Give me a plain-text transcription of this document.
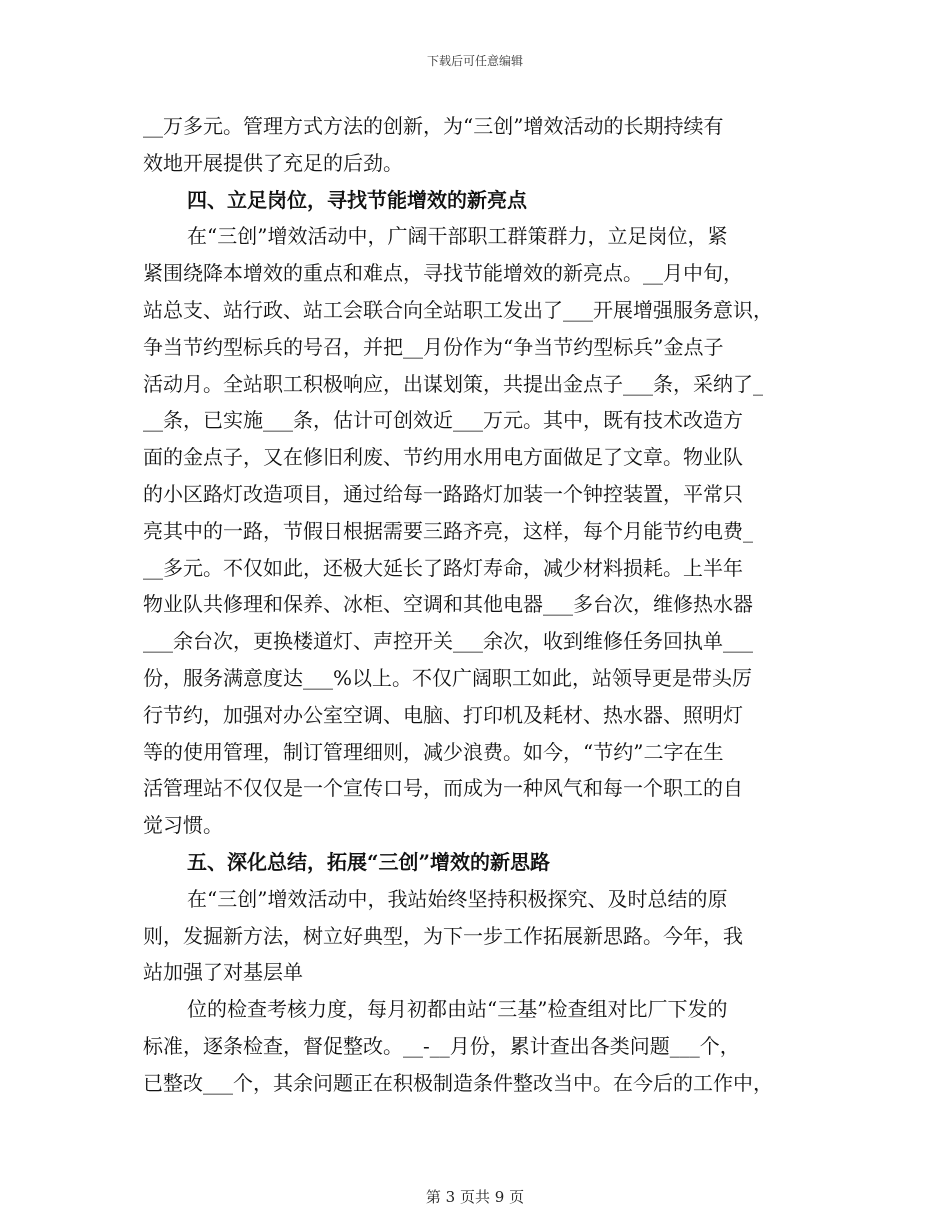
下载后可任意编辑
__万多元。管理方式方法的创新，为“三创”增效活动的长期持续有
效地开展提供了充足的后劲。
四、立足岗位，寻找节能增效的新亮点
在“三创”增效活动中，广阔干部职工群策群力，立足岗位，紧
紧围绕降本增效的重点和难点，寻找节能增效的新亮点。__月中旬，
站总支、站行政、站工会联合向全站职工发出了___开展增强服务意识，
争当节约型标兵的号召，并把__月份作为“争当节约型标兵”金点子
活动月。全站职工积极响应，出谋划策，共提出金点子___条，采纳了_
__条，已实施___条，估计可创效近___万元。其中，既有技术改造方
面的金点子，又在修旧利废、节约用水用电方面做足了文章。物业队
的小区路灯改造项目，通过给每一路路灯加装一个钟控装置，平常只
亮其中的一路，节假日根据需要三路齐亮，这样，每个月能节约电费_
__多元。不仅如此，还极大延长了路灯寿命，减少材料损耗。上半年
物业队共修理和保养、冰柜、空调和其他电器___多台次，维修热水器
___余台次，更换楼道灯、声控开关___余次，收到维修任务回执单___
份，服务满意度达___%以上。不仅广阔职工如此，站领导更是带头厉
行节约，加强对办公室空调、电脑、打印机及耗材、热水器、照明灯
等的使用管理，制订管理细则，减少浪费。如今，“节约”二字在生
活管理站不仅仅是一个宣传口号，而成为一种风气和每一个职工的自
觉习惯。
五、深化总结，拓展“三创”增效的新思路
在“三创”增效活动中，我站始终坚持积极探究、及时总结的原
则，发掘新方法，树立好典型，为下一步工作拓展新思路。今年，我
站加强了对基层单
位的检查考核力度，每月初都由站“三基”检查组对比厂下发的
标准，逐条检查，督促整改。__-__月份，累计查出各类问题___个，
已整改___个，其余问题正在积极制造条件整改当中。在今后的工作中，
第 3 页共 9 页
